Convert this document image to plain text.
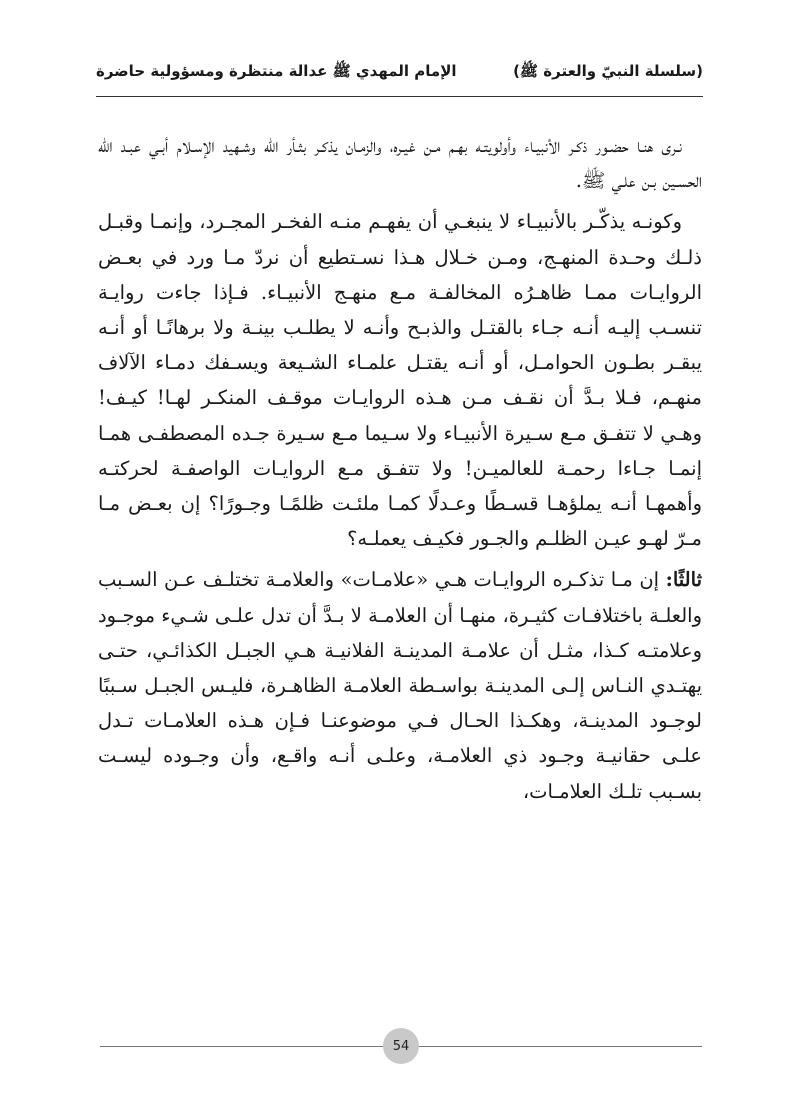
(سلسلة النبيّ والعترة ﷺ)
الإمام المهدي ﷺ عدالة منتظرة ومسؤولية حاضرة

نـرى هنـا حضـور ذكـر الأنبيـاء وأولويتـه بهـم مـن غيـره، والزمـان يذكـر بثـأر الله وشـهيد الإسـلام أبـي عبـد الله الحسـين بـن علـي ﷺ.

وكونـه يذكّـر بالأنبيـاء لا ينبغـي أن يفهـم منـه الفخـر المجـرد، وإنمـا وقبـل ذلـك وحـدة المنهـج، ومـن خـلال هـذا نسـتطيع أن نردّ مـا ورد في بعـض الروايـات ممـا ظاهـرُه المخالفـة مـع منهـج الأنبيـاء. فـإذا جاءت روايـة تنسـب إليـه أنـه جـاء بالقتـل والذبـح وأنـه لا يطلـب بينـة ولا برهانًـا أو أنـه يبقـر بطـون الحوامـل، أو أنـه يقتـل علمـاء الشـيعة ويسـفك دمـاء الآلاف منهـم، فـلا بـدَّ أن نقـف مـن هـذه الروايـات موقـف المنكـر لهـا! كيـف! وهـي لا تتفـق مـع سـيرة الأنبيـاء ولا سـيما مـع سـيرة جـده المصطفـى همـا إنمـا جـاءا رحمـة للعالميـن! ولا تتفـق مـع الروايـات الواصفـة لحركتـه وأهمهـا أنـه يملؤهـا قسـطًا وعـدلًا كمـا ملئـت ظلمًـا وجـورًا؟ إن بعـض مـا مـرّ لهـو عيـن الظلـم والجـور فكيـف يعملـه؟

ثالثًا: إن مـا تذكـره الروايـات هـي «علامـات» والعلامـة تختلـف عـن السـبب والعلـة باختلافـات كثيـرة، منهـا أن العلامـة لا بـدَّ أن تدل علـى شـيء موجـود وعلامتـه كـذا، مثـل أن علامـة المدينـة الفلانيـة هـي الجبـل الكذائـي، حتـى يهتـدي النـاس إلـى المدينـة بواسـطة العلامـة الظاهـرة، فليـس الجبـل سـببًا لوجـود المدينـة، وهكـذا الحـال فـي موضوعنـا فـإن هـذه العلامـات تـدل علـى حقانيـة وجـود ذي العلامـة، وعلـى أنـه واقـع، وأن وجـوده ليسـت بسـبب تلـك العلامـات،

54
